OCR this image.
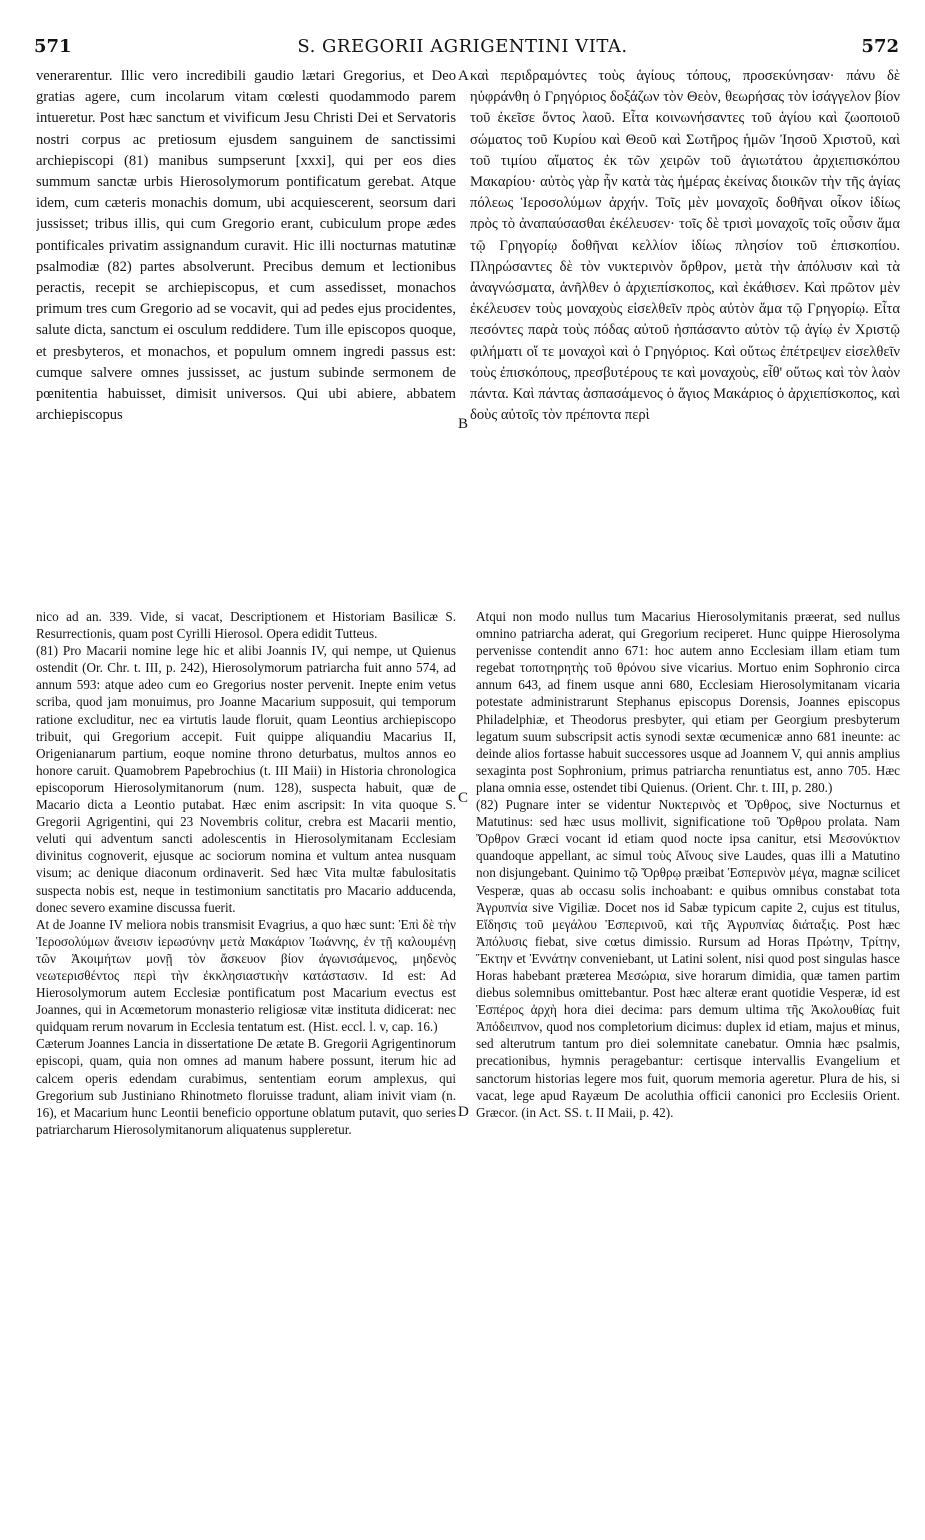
571	S. GREGORII AGRIGENTINI VITA.	572

venerarentur. Illic vero incredibili gaudio lætari Gregorius, et Deo gratias agere, cum incolarum vitam cœlesti quodammodo parem intueretur. Post hæc sanctum et vivificum Jesu Christi Dei et Servatoris nostri corpus ac pretiosum ejusdem sanguinem de sanctissimi archiepiscopi (81) manibus sumpserunt [xxxi], qui per eos dies summum sanctæ urbis Hierosolymorum pontificatum gerebat. Atque idem, cum cæteris monachis domum, ubi acquiescerent, seorsum dari jussisset; tribus illis, qui cum Gregorio erant, cubiculum prope ædes pontificales privatim assignandum curavit. Hic illi nocturnas matutinæ psalmodiæ (82) partes absolverunt. Precibus demum et lectionibus peractis, recepit se archiepiscopus, et cum assedisset, monachos primum tres cum Gregorio ad se vocavit, qui ad pedes ejus procidentes, salute dicta, sanctum ei osculum reddidere. Tum ille episcopos quoque, et presbyteros, et monachos, et populum omnem ingredi passus est: cumque salvere omnes jussisset, ac justum subinde sermonem de pœnitentia habuisset, dimisit universos. Qui ubi abiere, abbatem archiepiscopus

καὶ περιδραμόντες τοὺς ἁγίους τόπους, προσεκύνησαν· πάνυ δὲ ηὐφράνθη ὁ Γρηγόριος δοξάζων τὸν Θεὸν, θεωρήσας τὸν ἰσάγγελον βίον τοῦ ἐκεῖσε ὄντος λαοῦ. Εἶτα κοινωνήσαντες τοῦ ἁγίου καὶ ζωοποιοῦ σώματος τοῦ Κυρίου καὶ Θεοῦ καὶ Σωτῆρος ἡμῶν Ἰησοῦ Χριστοῦ, καὶ τοῦ τιμίου αἵματος ἐκ τῶν χειρῶν τοῦ ἁγιωτάτου ἀρχιεπισκόπου Μακαρίου· αὐτὸς γὰρ ἦν κατὰ τὰς ἡμέρας ἐκείνας διοικῶν τὴν τῆς ἁγίας πόλεως Ἱεροσολύμων ἀρχήν. Τοῖς μὲν μοναχοῖς δοθῆναι οἶκον ἰδίως πρὸς τὸ ἀναπαύσασθαι ἐκέλευσεν· τοῖς δὲ τρισὶ μοναχοῖς τοῖς οὖσιν ἅμα τῷ Γρηγορίῳ δοθῆναι κελλίον ἰδίως πλησίον τοῦ ἐπισκοπίου. Πληρώσαντες δὲ τὸν νυκτερινὸν ὄρθρον, μετὰ τὴν ἀπόλυσιν καὶ τὰ ἀναγνώσματα, ἀνῆλθεν ὁ ἀρχιεπίσκοπος, καὶ ἐκάθισεν. Καὶ πρῶτον μὲν ἐκέλευσεν τοὺς μοναχοὺς εἰσελθεῖν πρὸς αὐτὸν ἅμα τῷ Γρηγορίῳ. Εἶτα πεσόντες παρὰ τοὺς πόδας αὐτοῦ ἠσπάσαντο αὐτὸν τῷ ἁγίῳ ἐν Χριστῷ φιλήματι οἵ τε μοναχοὶ καὶ ὁ Γρηγόριος. Καὶ οὕτως ἐπέτρεψεν εἰσελθεῖν τοὺς ἐπισκόπους, πρεσβυτέρους τε καὶ μοναχοὺς, εἶθ' οὕτως καὶ τὸν λαὸν πάντα. Καὶ πάντας ἀσπασάμενος ὁ ἅγιος Μακάριος ὁ ἀρχιεπίσκοπος, καὶ δοὺς αὐτοῖς τὸν πρέποντα περὶ

A
B
C
D

nico ad an. 339. Vide, si vacat, Descriptionem et Historiam Basilicæ S. Resurrectionis, quam post Cyrilli Hierosol. Opera edidit Tutteus.

(81) Pro Macarii nomine lege hic et alibi Joannis IV, qui nempe, ut Quienus ostendit (Or. Chr. t. III, p. 242), Hierosolymorum patriarcha fuit anno 574, ad annum 593: atque adeo cum eo Gregorius noster pervenit. Inepte enim vetus scriba, quod jam monuimus, pro Joanne Macarium supposuit, qui temporum ratione excluditur, nec ea virtutis laude floruit, quam Leontius archiepiscopo tribuit, qui Gregorium accepit. Fuit quippe aliquandiu Macarius II, Origenianarum partium, eoque nomine throno deturbatus, multos annos eo honore caruit. Quamobrem Papebrochius (t. III Maii) in Historia chronologica episcoporum Hierosolymitanorum (num. 128), suspecta habuit, quæ de Macario dicta a Leontio putabat. Hæc enim ascripsit: In vita quoque S. Gregorii Agrigentini, qui 23 Novembris colitur, crebra est Macarii mentio, veluti qui adventum sancti adolescentis in Hierosolymitanam Ecclesiam divinitus cognoverit, ejusque ac sociorum nomina et vultum antea nusquam visum; ac denique diaconum ordinaverit. Sed hæc Vita multæ fabulositatis suspecta nobis est, neque in testimonium sanctitatis pro Macario adducenda, donec severo examine discussa fuerit.

At de Joanne IV meliora nobis transmisit Evagrius, a quo hæc sunt: Ἐπὶ δὲ τὴν Ἱεροσολύμων ἄνεισιν ἱερωσύνην μετὰ Μακάριον Ἰωάννης, ἐν τῇ καλουμένῃ τῶν Ἀκοιμήτων μονῇ τὸν ἄσκευον βίον ἀγωνισάμενος, μηδενὸς νεωτερισθέντος περὶ τὴν ἐκκλησιαστικὴν κατάστασιν. Id est: Ad Hierosolymorum autem Ecclesiæ pontificatum post Macarium evectus est Joannes, qui in Acœmetorum monasterio religiosæ vitæ instituta didicerat: nec quidquam rerum novarum in Ecclesia tentatum est. (Hist. eccl. l. v, cap. 16.)

Cæterum Joannes Lancia in dissertatione De ætate B. Gregorii Agrigentinorum episcopi, quam, quia non omnes ad manum habere possunt, iterum hic ad calcem operis edendam curabimus, sententiam eorum amplexus, qui Gregorium sub Justiniano Rhinotmeto floruisse tradunt, aliam inivit viam (n. 16), et Macarium hunc Leontii beneficio opportune oblatum putavit, quo series patriarcharum Hierosolymitanorum aliquatenus suppleretur.

Atqui non modo nullus tum Macarius Hierosolymitanis præerat, sed nullus omnino patriarcha aderat, qui Gregorium reciperet. Hunc quippe Hierosolyma pervenisse contendit anno 671: hoc autem anno Ecclesiam illam etiam tum regebat τοποτηρητὴς τοῦ θρόνου sive vicarius. Mortuo enim Sophronio circa annum 643, ad finem usque anni 680, Ecclesiam Hierosolymitanam vicaria potestate administrarunt Stephanus episcopus Dorensis, Joannes episcopus Philadelphiæ, et Theodorus presbyter, qui etiam per Georgium presbyterum legatum suum subscripsit actis synodi sextæ œcumenicæ anno 681 ineunte: ac deinde alios fortasse habuit successores usque ad Joannem V, qui annis amplius sexaginta post Sophronium, primus patriarcha renuntiatus est, anno 705. Hæc plana omnia esse, ostendet tibi Quienus. (Orient. Chr. t. III, p. 280.)

(82) Pugnare inter se videntur Νυκτερινὸς et Ὄρθρος, sive Nocturnus et Matutinus: sed hæc usus mollivit, significatione τοῦ Ὄρθρου prolata. Nam Ὄρθρον Græci vocant id etiam quod nocte ipsa canitur, etsi Μεσονύκτιον quandoque appellant, ac simul τοὺς Αἴνους sive Laudes, quas illi a Matutino non disjungebant. Quinimo τῷ Ὄρθρῳ præibat Ἑσπερινὸν μέγα, magnæ scilicet Vesperæ, quas ab occasu solis inchoabant: e quibus omnibus constabat tota Ἀγρυπνία sive Vigiliæ. Docet nos id Sabæ typicum capite 2, cujus est titulus, Εἴδησις τοῦ μεγάλου Ἑσπερινοῦ, καὶ τῆς Ἀγρυπνίας διάταξις. Post hæc Ἀπόλυσις fiebat, sive cœtus dimissio. Rursum ad Horas Πρώτην, Τρίτην, Ἕκτην et Ἐννάτην conveniebant, ut Latini solent, nisi quod post singulas hasce Horas habebant præterea Μεσώρια, sive horarum dimidia, quæ tamen partim diebus solemnibus omittebantur. Post hæc alteræ erant quotidie Vesperæ, id est Ἑσπέρος ἀρχὴ hora diei decima: pars demum ultima τῆς Ἀκολουθίας fuit Ἀπόδειπνον, quod nos completorium dicimus: duplex id etiam, majus et minus, sed alterutrum tantum pro diei solemnitate canebatur. Omnia hæc psalmis, precationibus, hymnis peragebantur: certisque intervallis Evangelium et sanctorum historias legere mos fuit, quorum memoria ageretur. Plura de his, si vacat, lege apud Rayæum De acoluthia officii canonici pro Ecclesiis Orient. Græcor. (in Act. SS. t. II Maii, p. 42).
